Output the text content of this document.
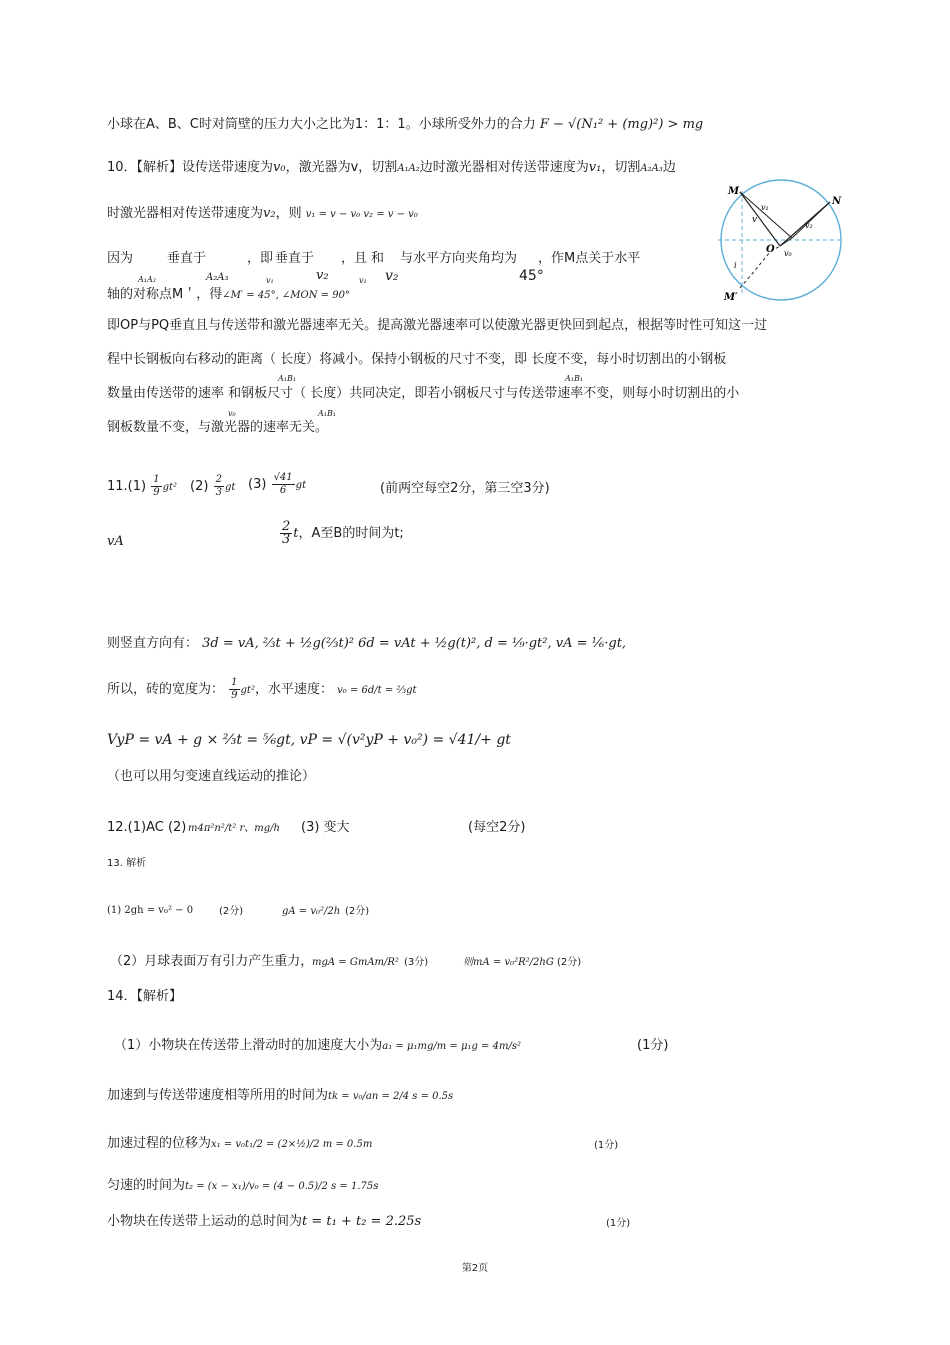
小球在A、B、C时对筒壁的压力大小之比为1：1：1。小球所受外力的合力 F − √(N₁² + (mg)²) > mg
10．【解析】设传送带速度为v₀，激光器为v，切割A₁A₂边时激光器相对传送带速度为v₁，切割A₂A₃边
时激光器相对传送带速度为v₂，则 v₁ = v − v₀ v₂ = v − v₀
因为	垂直于	，即 垂直于 ，且 和 与水平方向夹角均为 ，作M点关于水平
A₁A₂	A₂A₃	v₁	v₂	v₁ v₂	45°
轴的对称点M＇，得∠M′ = 45°, ∠MON = 90°
即OP与PQ垂直且与传送带和激光器速率无关。提高激光器速率可以使激光器更快回到起点，根据等时性可知这一过
程中长钢板向右移动的距离（ 长度）将减小。保持小钢板的尺寸不变，即 长度不变，每小时切割出的小钢板
A₁B₁	A₁B₁
数量由传送带的速率 和钢板尺寸（ 长度）共同决定，即若小钢板尺寸与传送带速率不变，则每小时切割出的小
v₀	A₁B₁
钢板数量不变，与激光器的速率无关。
M
N
O
v
v₁
v₂
v₀
i
M′
$11.(1) \frac{1}{9} gt^2$ $(2) \frac{2}{3}$ gt $(3) \frac{√41}{6}$ gt	(前两空每空2分，第三空3分)
vA	$\frac{2}{3}$ t，A至B的时间为t;
则竖直方向有： 3d = vA, ⅔t + ½g(⅔t)² 6d = vAt + ½g(t)², d = ⅑·gt², vA = ⅙·gt,
所以，砖的宽度为： $\frac{1}{9} gt^2$，水平速度： v₀ = 6d/t = ⅔gt
VyP = vA + g × ⅔t = ⅚gt, vP = √(v²yP + v₀²) = √41/+ gt
（也可以用匀变速直线运动的推论）
12.(1)AC (2) m4π²n²/t² r、mg/h (3) 变大	(每空2分)
13. 解析
(1) 2gh = v₀² − 0	(2分)	gA = v₀²/2h (2分)
（2）月球表面万有引力产生重力，
mgA = GmAm/R² (3分)	则mA = v₀²R²/2hG (2分)
14．【解析】
（1）小物块在传送带上滑动时的加速度大小为a₁ = μ₁mg/m = μ₁g = 4m/s²	(1分)
加速到与传送带速度相等所用的时间为tk = v₀/an = 2/4 s = 0.5s
加速过程的位移为x₁ = v₀t₁/2 = (2×½)/2 m = 0.5m	(1分)
匀速的时间为t₂ = (x − x₁)/v₀ = (4 − 0.5)/2 s = 1.75s
小物块在传送带上运动的总时间为t = t₁ + t₂ = 2.25s	(1分)
第2页
